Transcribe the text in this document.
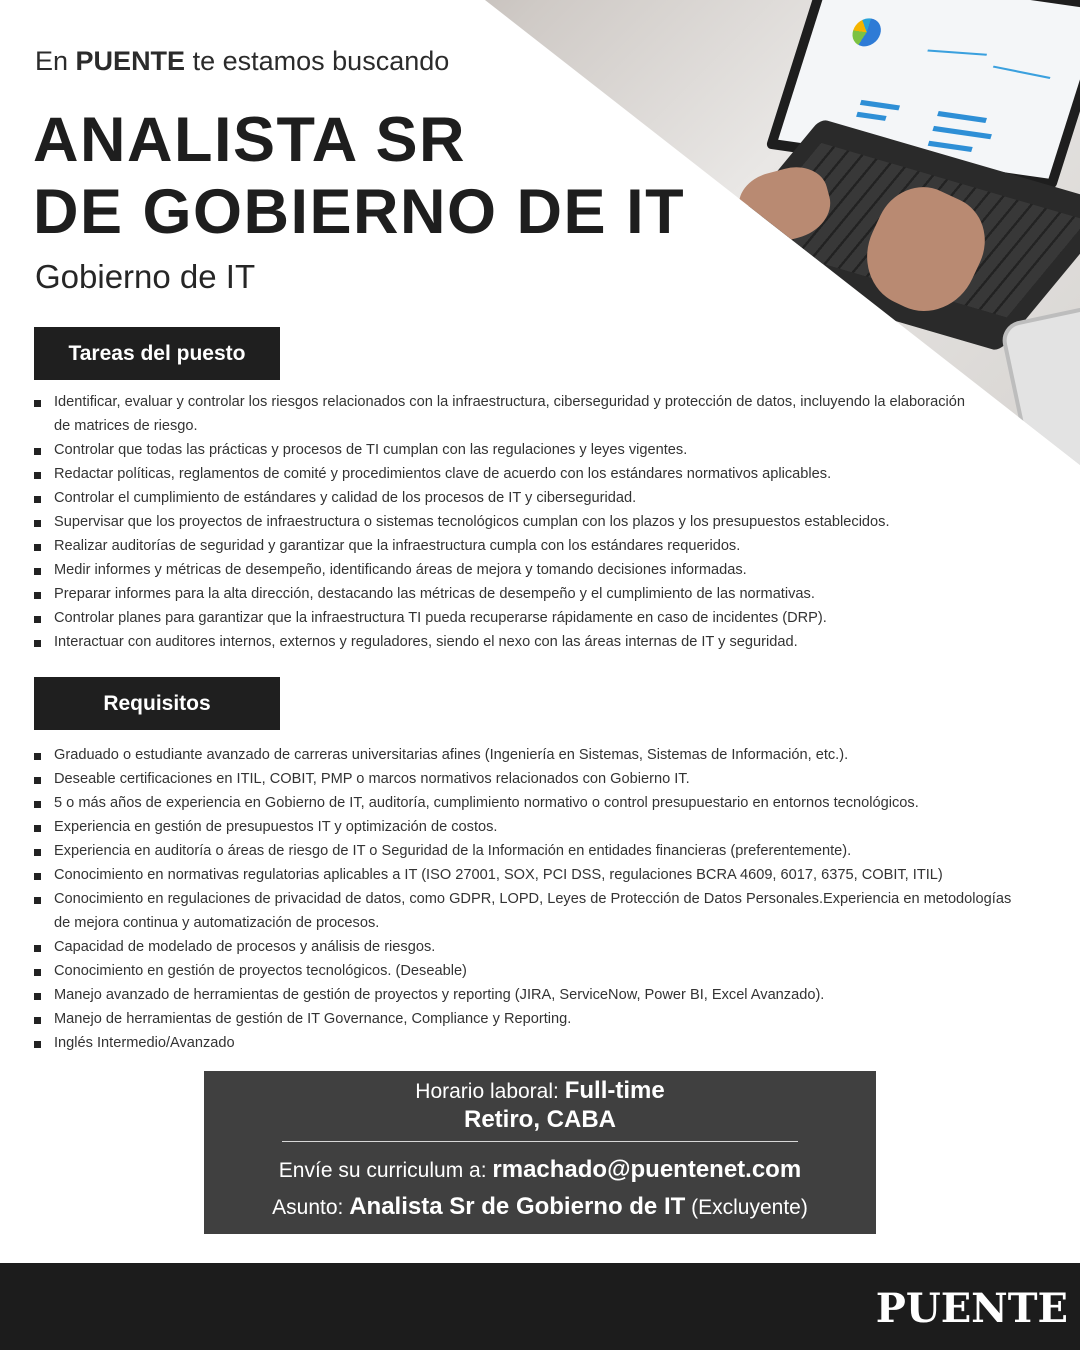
En PUENTE te estamos buscando

ANALISTA SR
DE GOBIERNO DE IT
Gobierno de IT
Tareas del puesto
Identificar, evaluar y controlar los riesgos relacionados con la infraestructura, ciberseguridad y protección de datos, incluyendo la elaboración de matrices de riesgo.
Controlar que todas las prácticas y procesos de TI cumplan con las regulaciones y leyes vigentes.
Redactar políticas, reglamentos de comité y procedimientos clave de acuerdo con los estándares normativos aplicables.
Controlar el cumplimiento de estándares y calidad de los procesos de IT y ciberseguridad.
Supervisar que los proyectos de infraestructura o sistemas tecnológicos cumplan con los plazos y los presupuestos establecidos.
Realizar auditorías de seguridad y garantizar que la infraestructura cumpla con los estándares requeridos.
Medir informes y métricas de desempeño, identificando áreas de mejora y tomando decisiones informadas.
Preparar informes para la alta dirección, destacando las métricas de desempeño y el cumplimiento de las normativas.
Controlar planes para garantizar que la infraestructura TI pueda recuperarse rápidamente en caso de incidentes (DRP).
Interactuar con auditores internos, externos y reguladores, siendo el nexo con las áreas internas de IT y seguridad.
Requisitos
Graduado o estudiante avanzado de carreras universitarias afines (Ingeniería en Sistemas, Sistemas de Información, etc.).
Deseable certificaciones en ITIL, COBIT, PMP o marcos normativos relacionados con Gobierno IT.
5 o más años de experiencia en Gobierno de IT, auditoría, cumplimiento normativo o control presupuestario en entornos tecnológicos.
Experiencia en gestión de presupuestos IT y optimización de costos.
Experiencia en auditoría o áreas de riesgo de IT o Seguridad de la Información en entidades financieras (preferentemente).
Conocimiento en normativas regulatorias aplicables a IT (ISO 27001, SOX, PCI DSS, regulaciones BCRA 4609, 6017, 6375, COBIT, ITIL)
Conocimiento en regulaciones de privacidad de datos, como GDPR, LOPD, Leyes de Protección de Datos Personales.Experiencia en metodologías de mejora continua y automatización de procesos.
Capacidad de modelado de procesos y análisis de riesgos.
Conocimiento en gestión de proyectos tecnológicos. (Deseable)
Manejo avanzado de herramientas de gestión de proyectos y reporting (JIRA, ServiceNow, Power BI, Excel Avanzado).
Manejo de herramientas de gestión de IT Governance, Compliance y Reporting.
Inglés Intermedio/Avanzado
Horario laboral: Full-time
Retiro, CABA
Envíe su curriculum a: rmachado@puentenet.com
Asunto: Analista Sr de Gobierno de IT (Excluyente)
PUENTE
